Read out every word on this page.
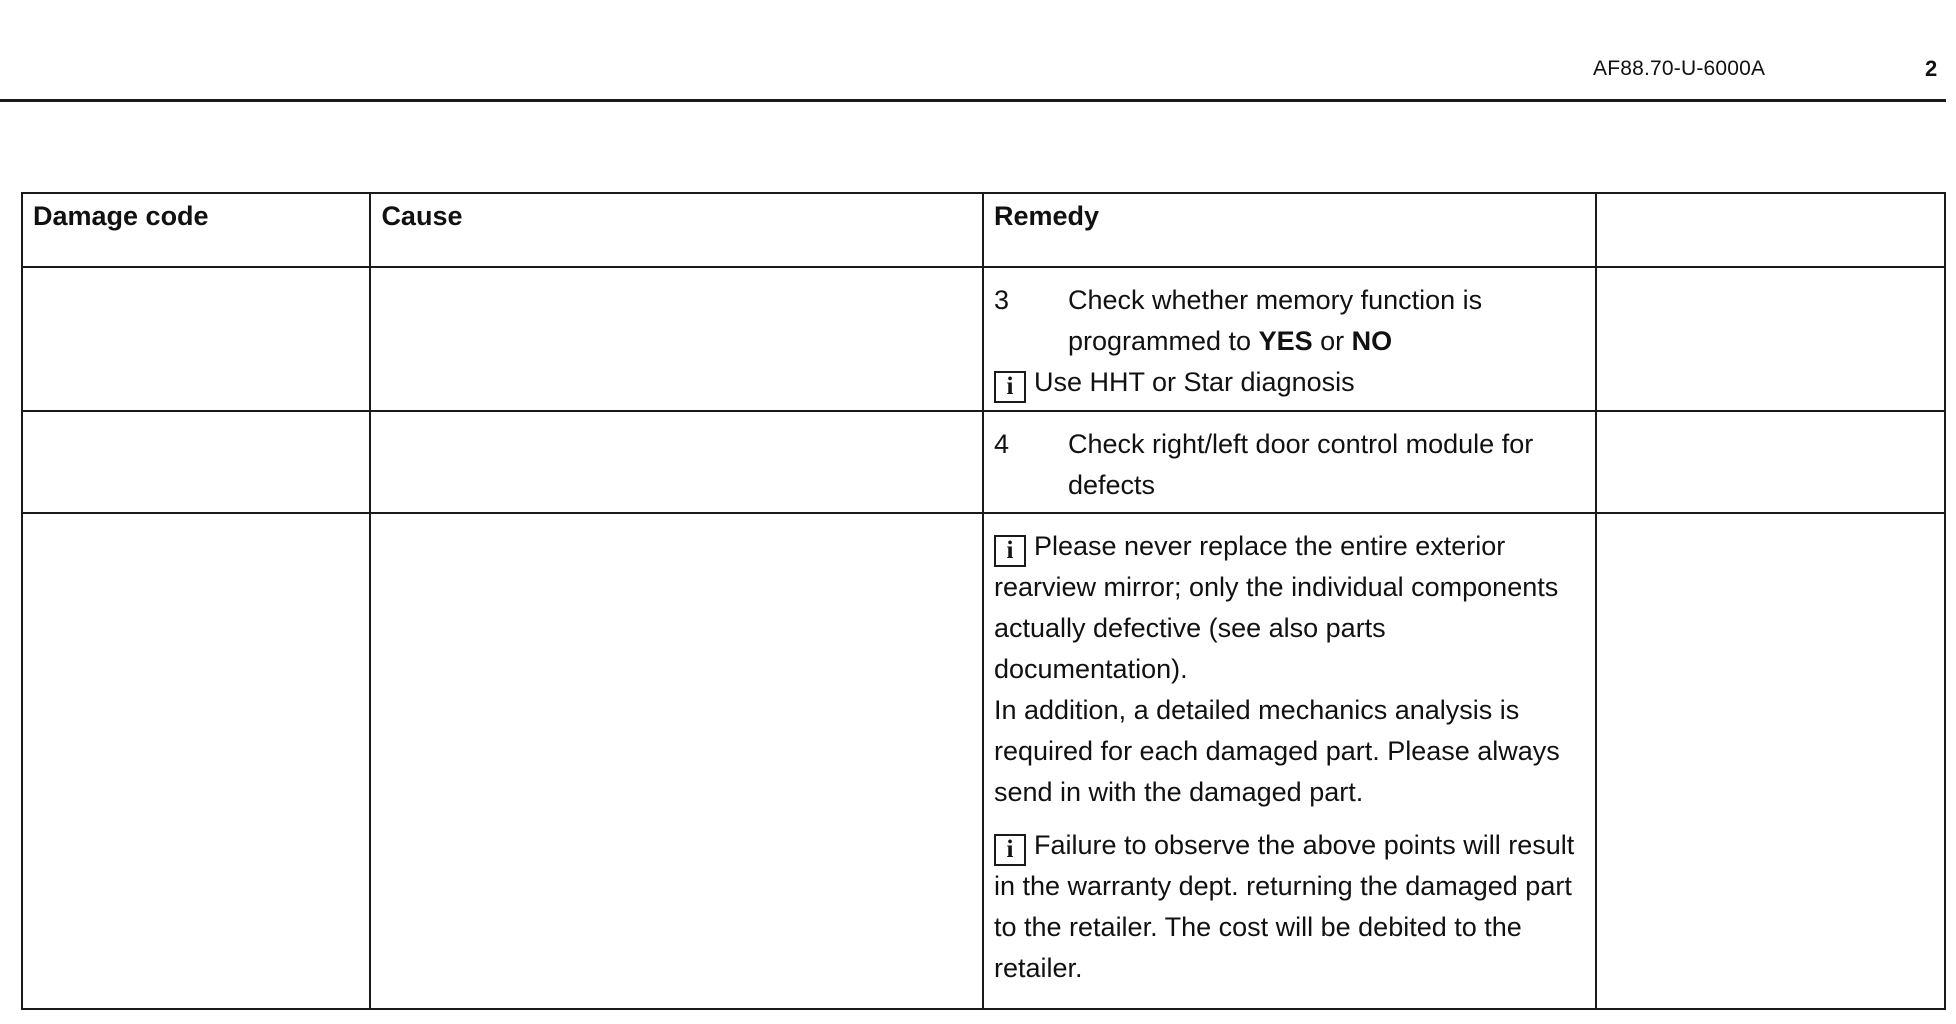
AF88.70-U-6000A	2
Damage code	Cause	Remedy	

		3 Check whether memory function is programmed to YES or NO
i Use HHT or Star diagnosis	

		4 Check right/left door control module for defects	

		i Please never replace the entire exterior rearview mirror; only the individual components actually defective (see also parts documentation).
In addition, a detailed mechanics analysis is required for each damaged part. Please always send in with the damaged part.
i Failure to observe the above points will result in the warranty dept. returning the damaged part to the retailer. The cost will be debited to the retailer.	
